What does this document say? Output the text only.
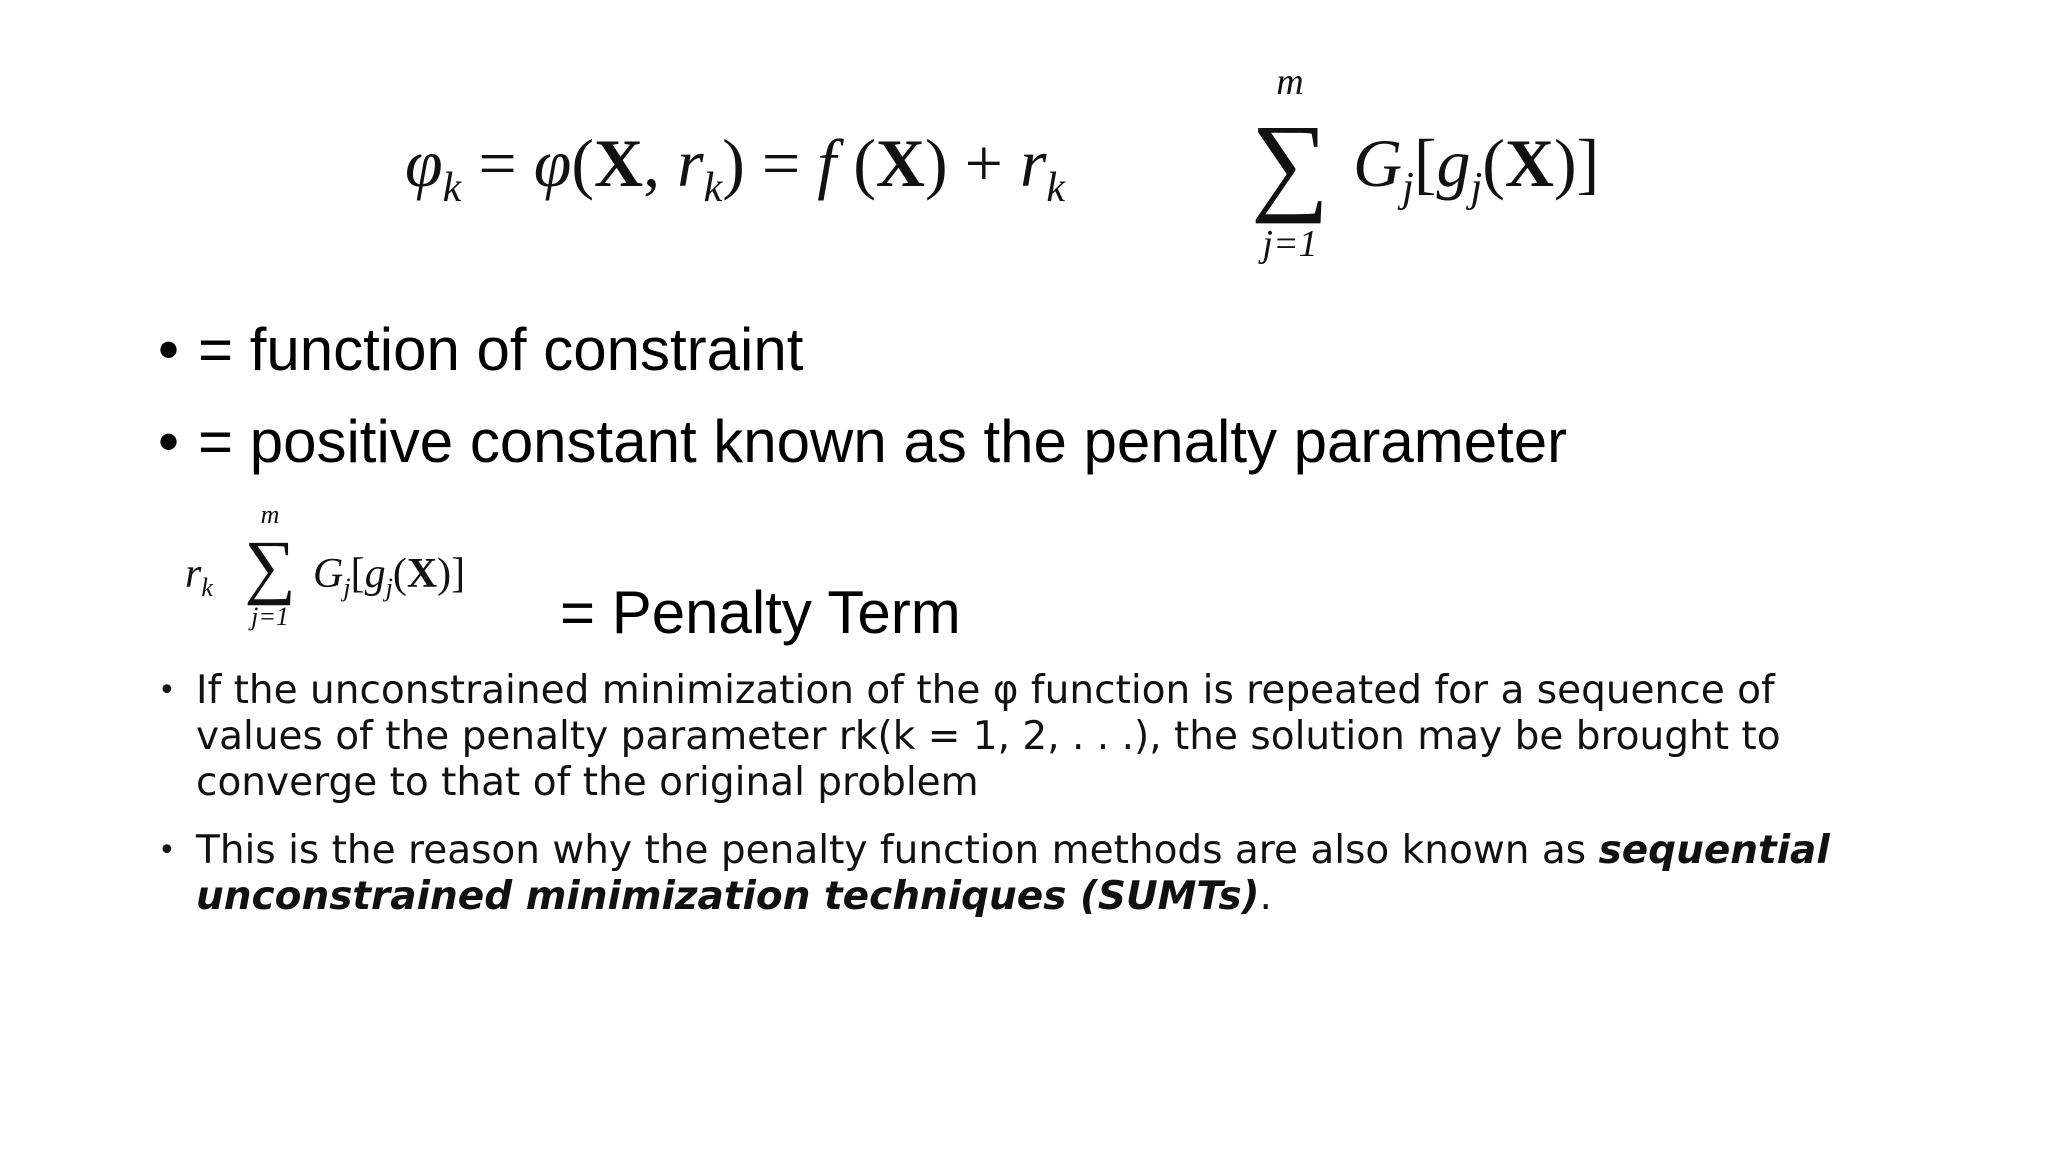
$\varphi_k = \varphi(X$, $r_k) = f$ $(X) + r_k$
m
∑
j=1
$G_j[g_j(X)]$
• = function of constraint
• = positive constant known as the penalty parameter
$r_k$
m
∑
j=1
$G_j[g_j(X)]$
= Penalty Term
• If the unconstrained minimization of the φ function is repeated for a sequence of values of the penalty parameter rk(k = 1, 2, . . .), the solution may be brought to converge to that of the original problem
• This is the reason why the penalty function methods are also known as sequential unconstrained minimization techniques (SUMTs).
